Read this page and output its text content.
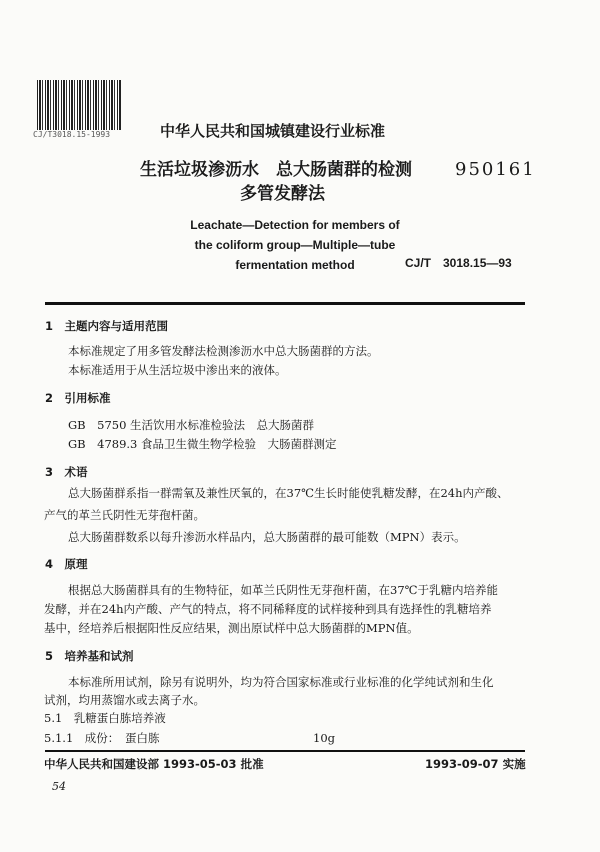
CJ/T3018.15-1993	中华人民共和国城镇建设行业标准
生活垃圾渗沥水　总大肠菌群的检测 950161
多管发酵法
Leachate—Detection for members of
the coliform group—Multiple—tube
fermentation method	CJ/T　3018.15—93
1　主题内容与适用范围
本标准规定了用多管发酵法检测渗沥水中总大肠菌群的方法。
本标准适用于从生活垃圾中渗出来的液体。
2　引用标准
GB　5750 生活饮用水标准检验法　总大肠菌群
GB　4789.3 食品卫生微生物学检验　大肠菌群测定
3　术语
总大肠菌群系指一群需氧及兼性厌氧的，在37℃生长时能使乳糖发酵，在24h内产酸、
产气的革兰氏阴性无芽孢杆菌。
总大肠菌群数系以每升渗沥水样品内，总大肠菌群的最可能数（MPN）表示。
4　原理
根据总大肠菌群具有的生物特征，如革兰氏阴性无芽孢杆菌，在37℃于乳糖内培养能
发酵，并在24h内产酸、产气的特点，将不同稀释度的试样接种到具有选择性的乳糖培养
基中，经培养后根据阳性反应结果，测出原试样中总大肠菌群的MPN值。
5　培养基和试剂
本标准所用试剂，除另有说明外，均为符合国家标准或行业标准的化学纯试剂和生化
试剂，均用蒸馏水或去离子水。
5.1　乳糖蛋白胨培养液
5.1.1　成份：　蛋白胨	10g
中华人民共和国建设部 1993-05-03 批准	1993-09-07 实施
54
